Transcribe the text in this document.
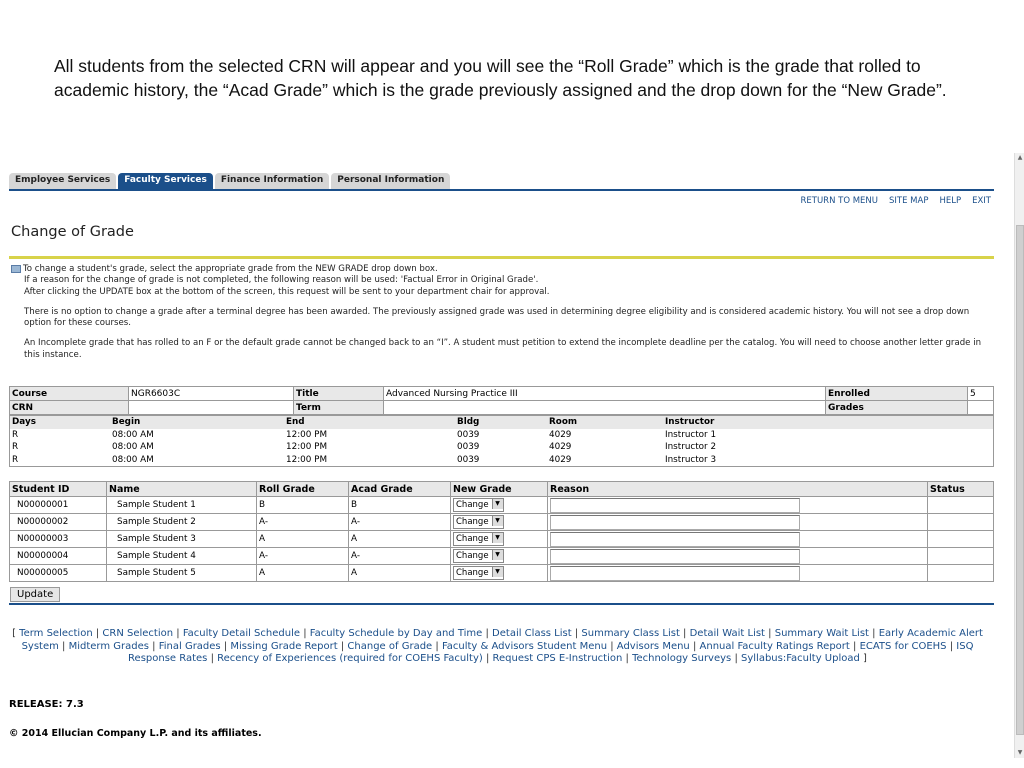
All students from the selected CRN will appear and you will see the “Roll Grade” which is the grade that rolled to academic history, the “Acad Grade” which is the grade previously assigned and the drop down for the “New Grade”.
▲
▼
Employee Services	Faculty Services	Finance Information	Personal Information
RETURN TO MENU SITE MAP HELP EXIT
Change of Grade

To change a student's grade, select the appropriate grade from the NEW GRADE drop down box.
If a reason for the change of grade is not completed, the following reason will be used: 'Factual Error in Original Grade'.
After clicking the UPDATE box at the bottom of the screen, this request will be sent to your department chair for approval.

There is no option to change a grade after a terminal degree has been awarded. The previously assigned grade was used in determining degree eligibility and is considered academic history. You will not see a drop down option for these courses.

An Incomplete grade that has rolled to an F or the default grade cannot be changed back to an “I”. A student must petition to extend the incomplete deadline per the catalog. You will need to choose another letter grade in this instance.

Course	NGR6603C	Title	Advanced Nursing Practice III	Enrolled	5
CRN		Term		Grades	
Days	Begin	End	Bldg	Room	Instructor
R	08:00 AM	12:00 PM	0039	4029	Instructor 1
R	08:00 AM	12:00 PM	0039	4029	Instructor 2
R	08:00 AM	12:00 PM	0039	4029	Instructor 3
Student ID	Name	Roll Grade	Acad Grade	New Grade	Reason	Status
N00000001	Sample Student 1	B	B	Change ▼		
N00000002	Sample Student 2	A-	A-	Change ▼		
N00000003	Sample Student 3	A	A	Change ▼		
N00000004	Sample Student 4	A-	A-	Change ▼		
N00000005	Sample Student 5	A	A	Change ▼		
Update
[ Term Selection | CRN Selection | Faculty Detail Schedule | Faculty Schedule by Day and Time | Detail Class List | Summary Class List | Detail Wait List | Summary Wait List | Early Academic Alert System | Midterm Grades | Final Grades | Missing Grade Report | Change of Grade | Faculty & Advisors Student Menu | Advisors Menu | Annual Faculty Ratings Report | ECATS for COEHS | ISQ Response Rates | Recency of Experiences (required for COEHS Faculty) | Request CPS E-Instruction | Technology Surveys | Syllabus:Faculty Upload ]
RELEASE: 7.3
© 2014 Ellucian Company L.P. and its affiliates.
